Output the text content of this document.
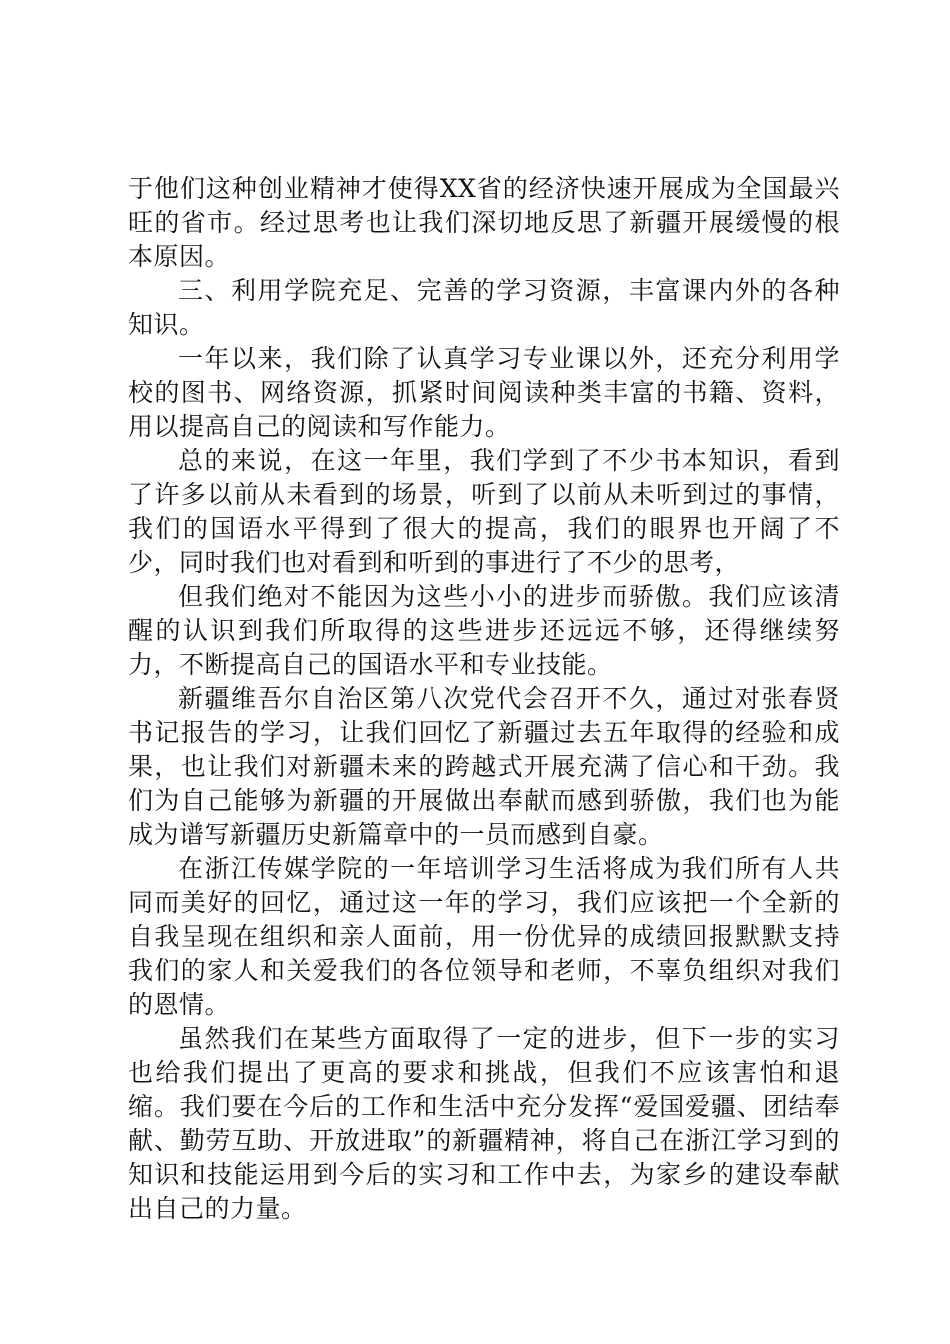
于他们这种创业精神才使得XX省的经济快速开展成为全国最兴旺的省市。经过思考也让我们深切地反思了新疆开展缓慢的根本原因。

三、利用学院充足、完善的学习资源，丰富课内外的各种知识。

一年以来，我们除了认真学习专业课以外，还充分利用学校的图书、网络资源，抓紧时间阅读种类丰富的书籍、资料，用以提高自己的阅读和写作能力。

总的来说，在这一年里，我们学到了不少书本知识，看到了许多以前从未看到的场景，听到了以前从未听到过的事情，我们的国语水平得到了很大的提高，我们的眼界也开阔了不少，同时我们也对看到和听到的事进行了不少的思考，

但我们绝对不能因为这些小小的进步而骄傲。我们应该清醒的认识到我们所取得的这些进步还远远不够，还得继续努力，不断提高自己的国语水平和专业技能。

新疆维吾尔自治区第八次党代会召开不久，通过对张春贤书记报告的学习，让我们回忆了新疆过去五年取得的经验和成果，也让我们对新疆未来的跨越式开展充满了信心和干劲。我们为自己能够为新疆的开展做出奉献而感到骄傲，我们也为能成为谱写新疆历史新篇章中的一员而感到自豪。

在浙江传媒学院的一年培训学习生活将成为我们所有人共同而美好的回忆，通过这一年的学习，我们应该把一个全新的自我呈现在组织和亲人面前，用一份优异的成绩回报默默支持我们的家人和关爱我们的各位领导和老师，不辜负组织对我们的恩情。

虽然我们在某些方面取得了一定的进步，但下一步的实习也给我们提出了更高的要求和挑战，但我们不应该害怕和退缩。我们要在今后的工作和生活中充分发挥“爱国爱疆、团结奉献、勤劳互助、开放进取”的新疆精神，将自己在浙江学习到的知识和技能运用到今后的实习和工作中去，为家乡的建设奉献出自己的力量。
